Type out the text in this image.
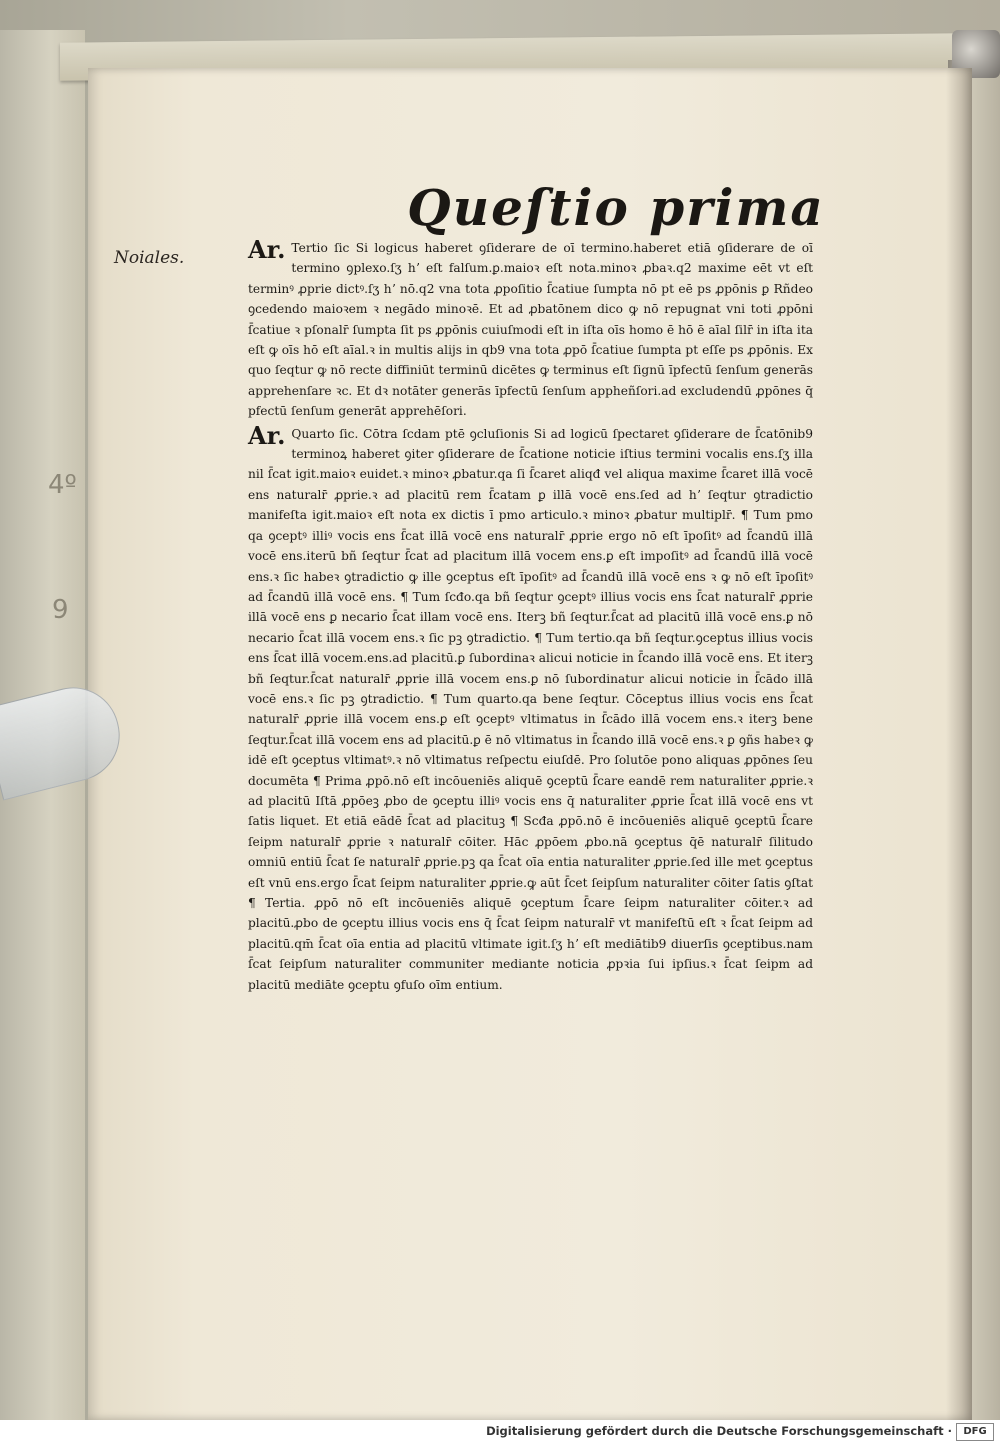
4º
9
Queſtio prima
Noiales.	Ar. Tertio ſic Si logicus haberet ꝯſiderare de oī termino.haberet etiā ꝯſiderare de oī termino ꝯplexo.ſʒ hʼ eſt falſum.ꝑ.maioꝛ eſt nota.minoꝛ ꝓbaꝛ.q2 maxime eēt vt eſt terminꝰ ꝓprie dictꝰ.ſʒ hʼ nō.q2 vna tota ꝓpoſitio ſ̄catiue ſumpta nō pt eē ps ꝓpōnis ꝑ Rñdeo ꝯcedendo maioꝛem ꝛ negādo minoꝛē. Et ad ꝓbatōnem dico ꝙ nō repugnat vni toti ꝓpōni ſ̄catiue ꝛ pſonalr̄ ſumpta ſit ps ꝓpōnis cuiuſmodi eſt in iſta oīs homo ē hō ē aīal ſilr̄ in iſta ita eſt ꝙ oīs hō eſt aīal.ꝛ in multis alijs in qb9 vna tota ꝓpō ſ̄catiue ſumpta pt eſſe ps ꝓpōnis. Ex quo ſeqtur ꝙ nō recte diffiniūt terminū dicētes ꝙ terminus eſt ſignū īpfectū ſenſum generās apprehenſare ꝛc. Et dꝛ notāter generās īpfectū ſenſum appheñſori.ad excludendū ꝓpōnes q̄ pfectū ſenſum generāt apprehēſori.

Ar. Quarto ſic. Cōtra ſcdam ptē ꝯcluſionis Si ad logicū ſpectaret ꝯſiderare de ſ̄catōnib9 terminoꝝ haberet ꝯiter ꝯſiderare de ſ̄catione noticie iſtius termini vocalis ens.ſʒ illa nil ſ̄cat igit.maioꝛ euidet.ꝛ minoꝛ ꝓbatur.qa ſi ſ̄caret aliqđ vel aliqua maxime ſ̄caret illā vocē ens naturalr̄ ꝓprie.ꝛ ad placitū rem ſ̄catam ꝑ illā vocē ens.ſed ad hʼ ſeqtur ꝯtradictio manifeſta igit.maioꝛ eſt nota ex dictis ī pmo articulo.ꝛ minoꝛ ꝓbatur multiplr̄. ¶ Tum pmo qa ꝯceptꝰ illiꝰ vocis ens ſ̄cat illā vocē ens naturalr̄ ꝓprie ergo nō eſt īpoſitꝰ ad ſ̄candū illā vocē ens.iterū bñ ſeqtur ſ̄cat ad placitum illā vocem ens.ꝑ eſt impoſitꝰ ad ſ̄candū illā vocē ens.ꝛ ſic habeꝛ ꝯtradictio ꝙ ille ꝯceptus eſt īpoſitꝰ ad ſ̄candū illā vocē ens ꝛ ꝙ nō eſt īpoſitꝰ ad ſ̄candū illā vocē ens. ¶ Tum ſcđo.qa bñ ſeqtur ꝯceptꝰ illius vocis ens ſ̄cat naturalr̄ ꝓprie illā vocē ens ꝑ necario ſ̄cat illam vocē ens. Iterꝫ bñ ſeqtur.ſ̄cat ad placitū illā vocē ens.ꝑ nō necario ſ̄cat illā vocem ens.ꝛ ſic pꝫ ꝯtradictio. ¶ Tum tertio.qa bñ ſeqtur.ꝯceptus illius vocis ens ſ̄cat illā vocem.ens.ad placitū.ꝑ ſubordinaꝛ alicui noticie in ſ̄cando illā vocē ens. Et iterꝫ bñ ſeqtur.ſ̄cat naturalr̄ ꝓprie illā vocem ens.ꝑ nō ſubordinatur alicui noticie in ſ̄cādo illā vocē ens.ꝛ ſic pꝫ ꝯtradictio. ¶ Tum quarto.qa bene ſeqtur. Cōceptus illius vocis ens ſ̄cat naturalr̄ ꝓprie illā vocem ens.ꝑ eſt ꝯceptꝰ vltimatus in ſ̄cādo illā vocem ens.ꝛ iterꝫ bene ſeqtur.ſ̄cat illā vocem ens ad placitū.ꝑ ē nō vltimatus in ſ̄cando illā vocē ens.ꝛ ꝑ ꝯñs habeꝛ ꝙ idē eſt ꝯceptus vltimatꝰ.ꝛ nō vltimatus reſpectu eiuſdē. Pro ſolutōe pono aliquas ꝓpōnes ſeu documēta ¶ Prima ꝓpō.nō eſt incōueniēs aliquē ꝯceptū ſ̄care eandē rem naturaliter ꝓprie.ꝛ ad placitū Iſtā ꝓpōeꝫ ꝓbo de ꝯceptu illiꝰ vocis ens q̄ naturaliter ꝓprie ſ̄cat illā vocē ens vt ſatis liquet. Et etiā eādē ſ̄cat ad placituꝫ ¶ Scđa ꝓpō.nō ē incōueniēs aliquē ꝯceptū ſ̄care ſeipm naturalr̄ ꝓprie ꝛ naturalr̄ cōiter. Hāc ꝓpōem ꝓbo.nā ꝯceptus q̄ē naturalr̄ ſilitudo omniū entiū ſ̄cat ſe naturalr̄ ꝓprie.pꝫ qa ſ̄cat oīa entia naturaliter ꝓprie.ſed ille met ꝯceptus eſt vnū ens.ergo ſ̄cat ſeipm naturaliter ꝓprie.ꝙ aūt ſ̄cet ſeipſum naturaliter cōiter ſatis ꝯſtat ¶ Tertia. ꝓpō nō eſt incōueniēs aliquē ꝯceptum ſ̄care ſeipm naturaliter cōiter.ꝛ ad placitū.ꝓbo de ꝯceptu illius vocis ens q̄ ſ̄cat ſeipm naturalr̄ vt manifeſtū eſt ꝛ ſ̄cat ſeipm ad placitū.qm̄ ſ̄cat oīa entia ad placitū vltimate igit.ſʒ hʼ eſt mediātib9 diuerſis ꝯceptibus.nam ſ̄cat ſeipſum naturaliter communiter mediante noticia ꝓpꝛia ſui ipſius.ꝛ ſ̄cat ſeipm ad placitū mediāte ꝯceptu ꝯfuſo oīm entium.

Digitalisierung gefördert durch die Deutsche Forschungsgemeinschaft ·	DFG
